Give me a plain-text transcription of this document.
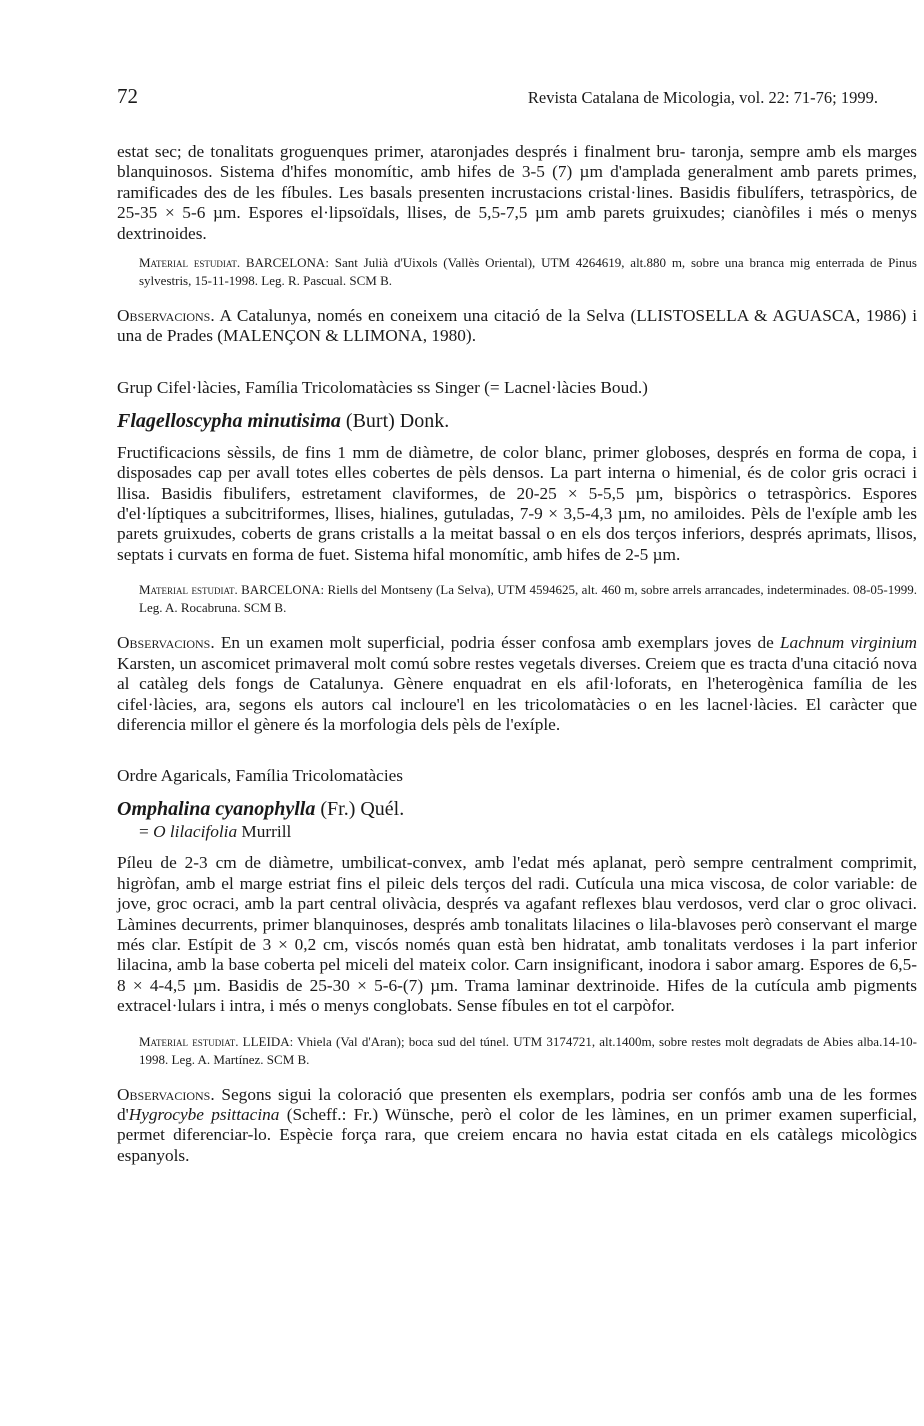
72	Revista Catalana de Micologia, vol. 22: 71-76; 1999.

estat sec; de tonalitats groguenques primer, ataronjades després i finalment bru- taronja, sempre amb els marges blanquinosos. Sistema d'hifes monomític, amb hifes de 3-5 (7) µm d'amplada generalment amb parets primes, ramificades des de les fíbules. Les basals presenten incrustacions cristal·lines. Basidis fibulífers, tetraspòrics, de 25-35 × 5-6 µm. Espores el·lipsoïdals, llises, de 5,5-7,5 µm amb parets gruixudes; cianòfiles i més o menys dextrinoides.

Material estudiat. BARCELONA: Sant Julià d'Uixols (Vallès Oriental), UTM 4264619, alt.880 m, sobre una branca mig enterrada de Pinus sylvestris, 15-11-1998. Leg. R. Pascual. SCM B.

Observacions. A Catalunya, només en coneixem una citació de la Selva (LLISTOSELLA & AGUASCA, 1986) i una de Prades (MALENÇON & LLIMONA, 1980).

Grup Cifel·làcies, Família Tricolomatàcies ss Singer (= Lacnel·làcies Boud.)

Flagelloscypha minutisima (Burt) Donk.

Fructificacions sèssils, de fins 1 mm de diàmetre, de color blanc, primer globoses, després en forma de copa, i disposades cap per avall totes elles cobertes de pèls densos. La part interna o himenial, és de color gris ocraci i llisa. Basidis fibulifers, estretament claviformes, de 20-25 × 5-5,5 µm, bispòrics o tetraspòrics. Espores d'el·líptiques a subcitriformes, llises, hialines, gutuladas, 7-9 × 3,5-4,3 µm, no amiloides. Pèls de l'exíple amb les parets gruixudes, coberts de grans cristalls a la meitat bassal o en els dos terços inferiors, després aprimats, llisos, septats i curvats en forma de fuet. Sistema hifal monomític, amb hifes de 2-5 µm.

Material estudiat. BARCELONA: Riells del Montseny (La Selva), UTM 4594625, alt. 460 m, sobre arrels arrancades, indeterminades. 08-05-1999. Leg. A. Rocabruna. SCM B.

Observacions. En un examen molt superficial, podria ésser confosa amb exemplars joves de Lachnum virginium Karsten, un ascomicet primaveral molt comú sobre restes vegetals diverses. Creiem que es tracta d'una citació nova al catàleg dels fongs de Catalunya. Gènere enquadrat en els afil·loforats, en l'heterogènica família de les cifel·làcies, ara, segons els autors cal incloure'l en les tricolomatàcies o en les lacnel·làcies. El caràcter que diferencia millor el gènere és la morfologia dels pèls de l'exíple.

Ordre Agaricals, Família Tricolomatàcies

Omphalina cyanophylla (Fr.) Quél.

= O lilacifolia Murrill

Píleu de 2-3 cm de diàmetre, umbilicat-convex, amb l'edat més aplanat, però sempre centralment comprimit, higròfan, amb el marge estriat fins el pileic dels terços del radi. Cutícula una mica viscosa, de color variable: de jove, groc ocraci, amb la part central olivàcia, després va agafant reflexes blau verdosos, verd clar o groc olivaci. Làmines decurrents, primer blanquinoses, després amb tonalitats lilacines o lila-blavoses però conservant el marge més clar. Estípit de 3 × 0,2 cm, viscós només quan està ben hidratat, amb tonalitats verdoses i la part inferior lilacina, amb la base coberta pel miceli del mateix color. Carn insignificant, inodora i sabor amarg. Espores de 6,5-8 × 4-4,5 µm. Basidis de 25-30 × 5-6-(7) µm. Trama laminar dextrinoide. Hifes de la cutícula amb pigments extracel·lulars i intra, i més o menys conglobats. Sense fíbules en tot el carpòfor.

Material estudiat. LLEIDA: Vhiela (Val d'Aran); boca sud del túnel. UTM 3174721, alt.1400m, sobre restes molt degradats de Abies alba.14-10-1998. Leg. A. Martínez. SCM B.

Observacions. Segons sigui la coloració que presenten els exemplars, podria ser confós amb una de les formes d'Hygrocybe psittacina (Scheff.: Fr.) Wünsche, però el color de les làmines, en un primer examen superficial, permet diferenciar-lo. Espècie força rara, que creiem encara no havia estat citada en els catàlegs micològics espanyols.
